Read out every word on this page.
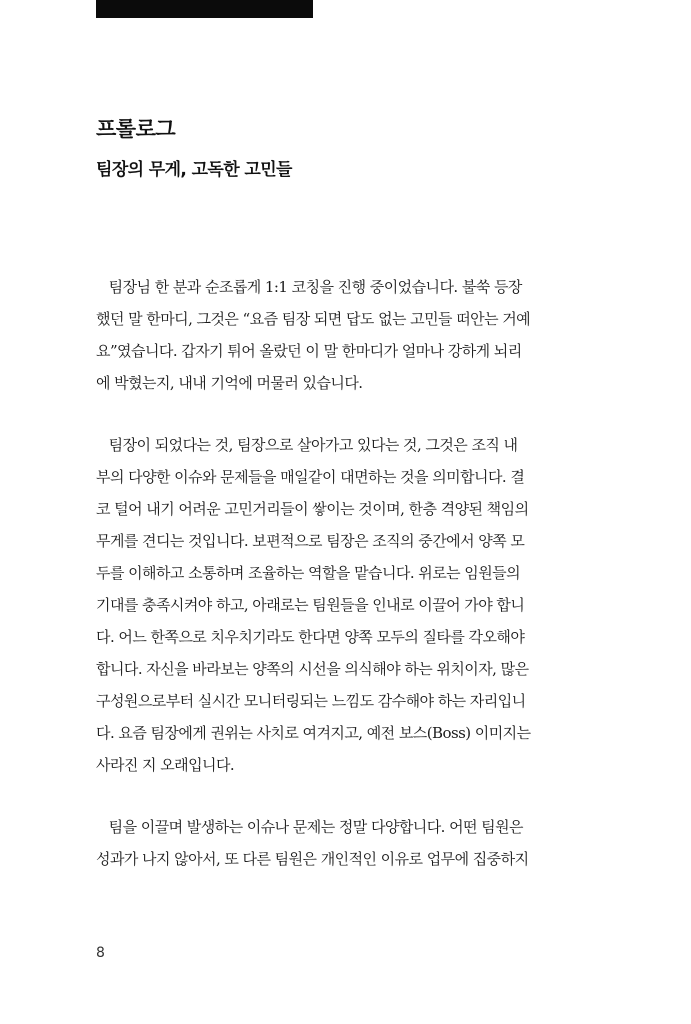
프롤로그
팀장의 무게, 고독한 고민들
팀장님 한 분과 순조롭게 1:1 코칭을 진행 중이었습니다. 불쑥 등장
했던 말 한마디, 그것은 “요즘 팀장 되면 답도 없는 고민들 떠안는 거예
요”였습니다. 갑자기 튀어 올랐던 이 말 한마디가 얼마나 강하게 뇌리
에 박혔는지, 내내 기억에 머물러 있습니다.
팀장이 되었다는 것, 팀장으로 살아가고 있다는 것, 그것은 조직 내
부의 다양한 이슈와 문제들을 매일같이 대면하는 것을 의미합니다. 결
코 털어 내기 어려운 고민거리들이 쌓이는 것이며, 한층 격양된 책임의
무게를 견디는 것입니다. 보편적으로 팀장은 조직의 중간에서 양쪽 모
두를 이해하고 소통하며 조율하는 역할을 맡습니다. 위로는 임원들의
기대를 충족시켜야 하고, 아래로는 팀원들을 인내로 이끌어 가야 합니
다. 어느 한쪽으로 치우치기라도 한다면 양쪽 모두의 질타를 각오해야
합니다. 자신을 바라보는 양쪽의 시선을 의식해야 하는 위치이자, 많은
구성원으로부터 실시간 모니터링되는 느낌도 감수해야 하는 자리입니
다. 요즘 팀장에게 권위는 사치로 여겨지고, 예전 보스(Boss) 이미지는
사라진 지 오래입니다.
팀을 이끌며 발생하는 이슈나 문제는 정말 다양합니다. 어떤 팀원은
성과가 나지 않아서, 또 다른 팀원은 개인적인 이유로 업무에 집중하지
8
